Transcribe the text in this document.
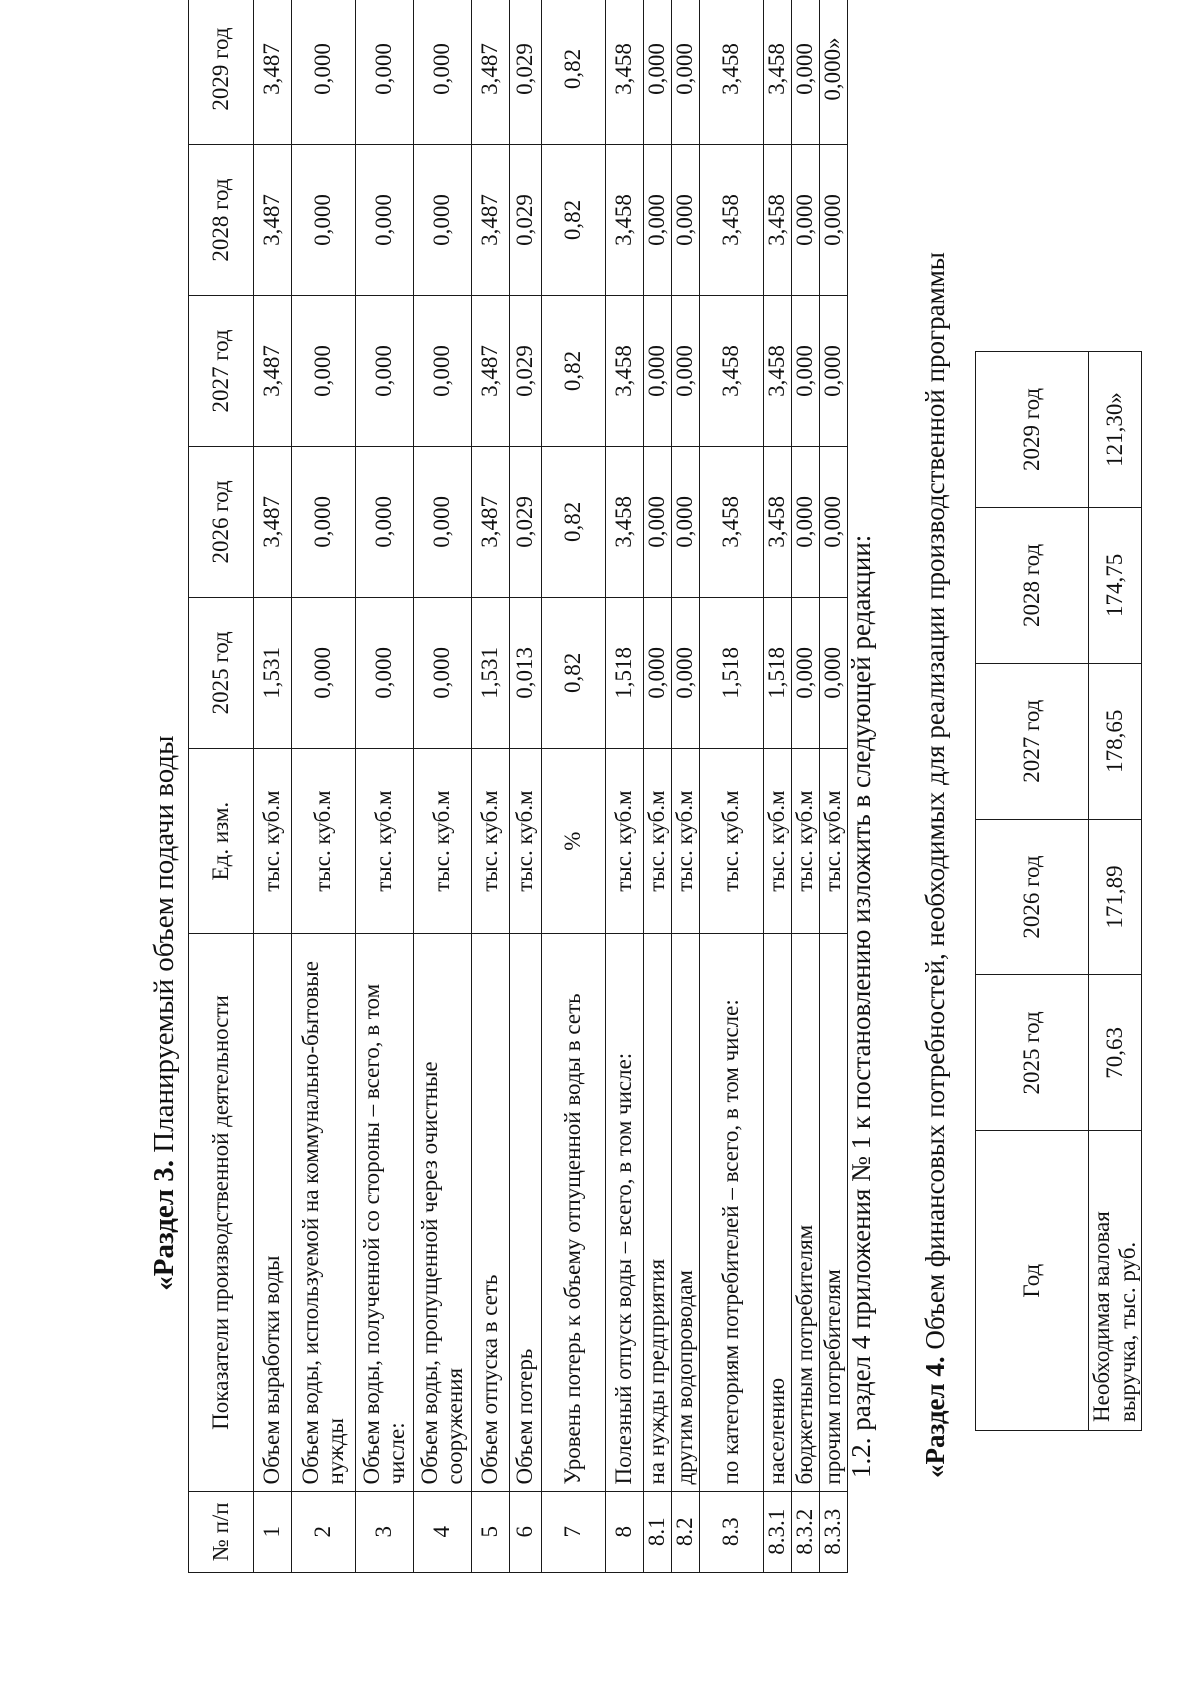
«Раздел 3. Планируемый объем подачи воды
№ п/п	Показатели производственной деятельности	Ед. изм.	2025 год	2026 год	2027 год	2028 год	2029 год
1	Объем выработки воды	тыс. куб.м	1,531	3,487	3,487	3,487	3,487
2	Объем воды, используемой на коммунально-бытовые нужды	тыс. куб.м	0,000	0,000	0,000	0,000	0,000
3	Объем воды, полученной со стороны – всего, в том числе:	тыс. куб.м	0,000	0,000	0,000	0,000	0,000
4	Объем воды, пропущенной через очистные сооружения	тыс. куб.м	0,000	0,000	0,000	0,000	0,000
5	Объем отпуска в сеть	тыс. куб.м	1,531	3,487	3,487	3,487	3,487
6	Объем потерь	тыс. куб.м	0,013	0,029	0,029	0,029	0,029
7	Уровень потерь к объему отпущенной воды в сеть	%	0,82	0,82	0,82	0,82	0,82
8	Полезный отпуск воды – всего, в том числе:	тыс. куб.м	1,518	3,458	3,458	3,458	3,458
8.1	на нужды предприятия	тыс. куб.м	0,000	0,000	0,000	0,000	0,000
8.2	другим водопроводам	тыс. куб.м	0,000	0,000	0,000	0,000	0,000
8.3	по категориям потребителей – всего, в том числе:	тыс. куб.м	1,518	3,458	3,458	3,458	3,458
8.3.1	населению	тыс. куб.м	1,518	3,458	3,458	3,458	3,458
8.3.2	бюджетным потребителям	тыс. куб.м	0,000	0,000	0,000	0,000	0,000
8.3.3	прочим потребителям	тыс. куб.м	0,000	0,000	0,000	0,000	0,000»
1.2. раздел 4 приложения № 1 к постановлению изложить в следующей редакции: «Раздел 4. Объем финансовых потребностей, необходимых для реализации производственной программы	Год	2025 год	2026 год	2027 год	2028 год	2029 год
Необходимая валовая выручка, тыс. руб.	70,63	171,89	178,65	174,75	121,30»
